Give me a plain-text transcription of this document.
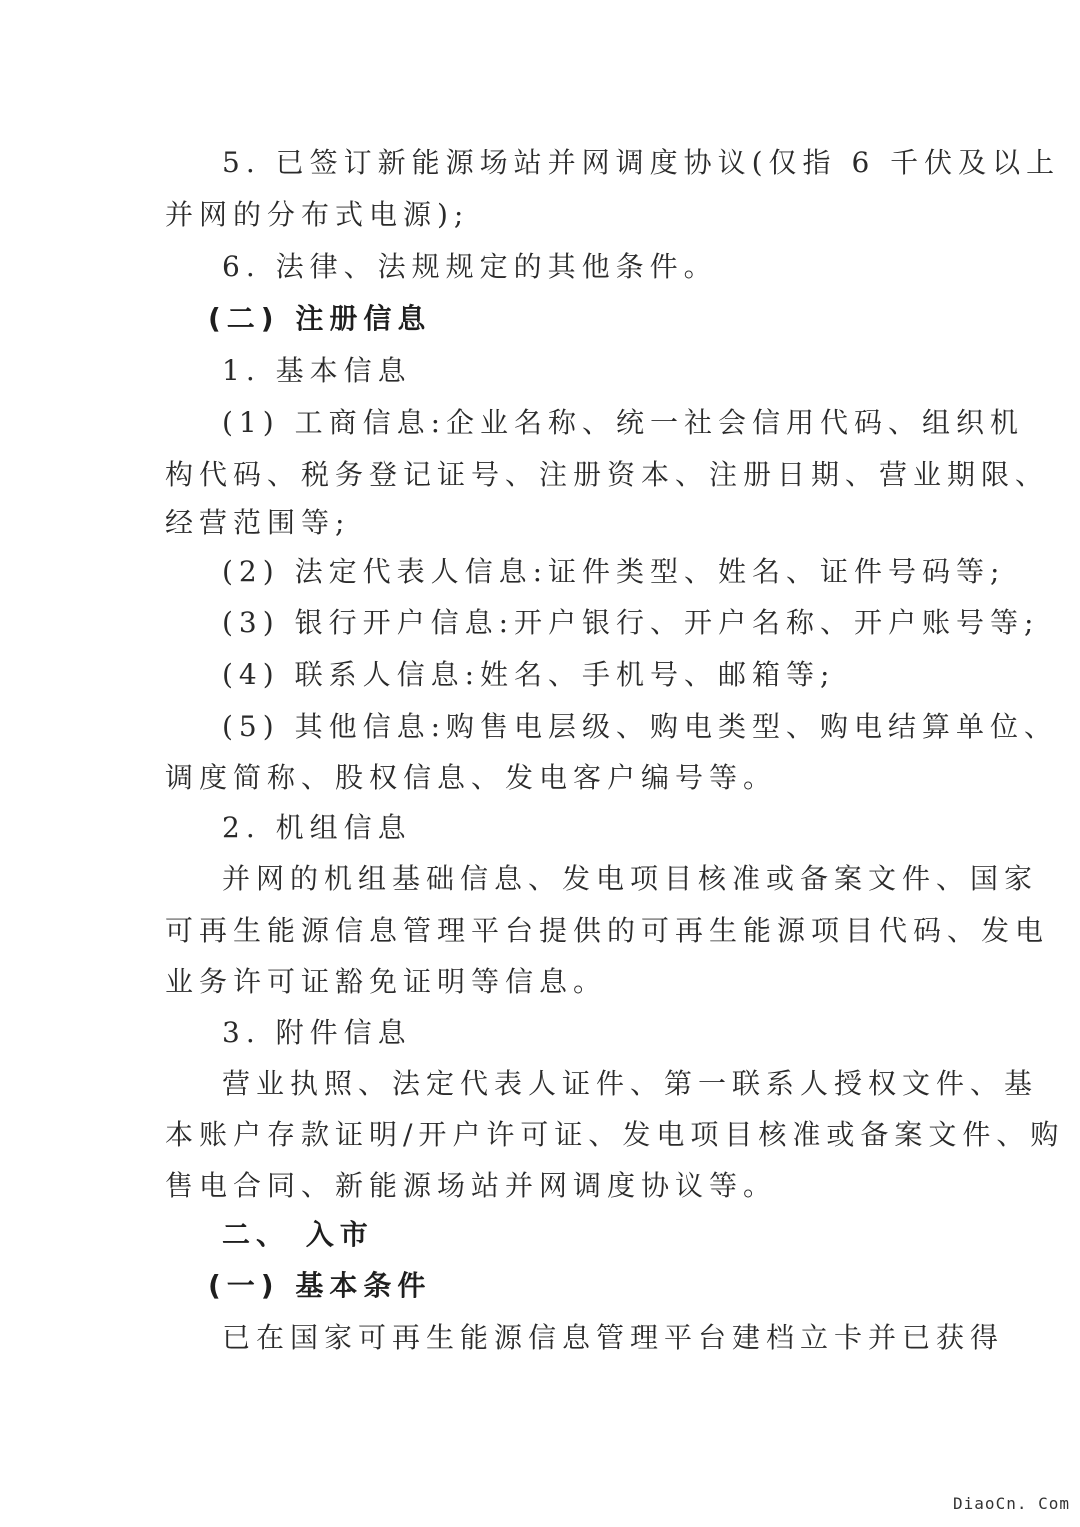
5. 已签订新能源场站并网调度协议(仅指 6 千伏及以上
并网的分布式电源);
6. 法律、法规规定的其他条件。
(二) 注册信息
1. 基本信息
(1) 工商信息:企业名称、统一社会信用代码、组织机
构代码、税务登记证号、注册资本、注册日期、营业期限、
经营范围等;
(2) 法定代表人信息:证件类型、姓名、证件号码等;
(3) 银行开户信息:开户银行、开户名称、开户账号等;
(4) 联系人信息:姓名、手机号、邮箱等;
(5) 其他信息:购售电层级、购电类型、购电结算单位、
调度简称、股权信息、发电客户编号等。
2. 机组信息
并网的机组基础信息、发电项目核准或备案文件、国家
可再生能源信息管理平台提供的可再生能源项目代码、发电
业务许可证豁免证明等信息。
3. 附件信息
营业执照、法定代表人证件、第一联系人授权文件、基
本账户存款证明/开户许可证、发电项目核准或备案文件、购
售电合同、新能源场站并网调度协议等。
二、 入市
(一) 基本条件
已在国家可再生能源信息管理平台建档立卡并已获得
DiaoCn. Com
